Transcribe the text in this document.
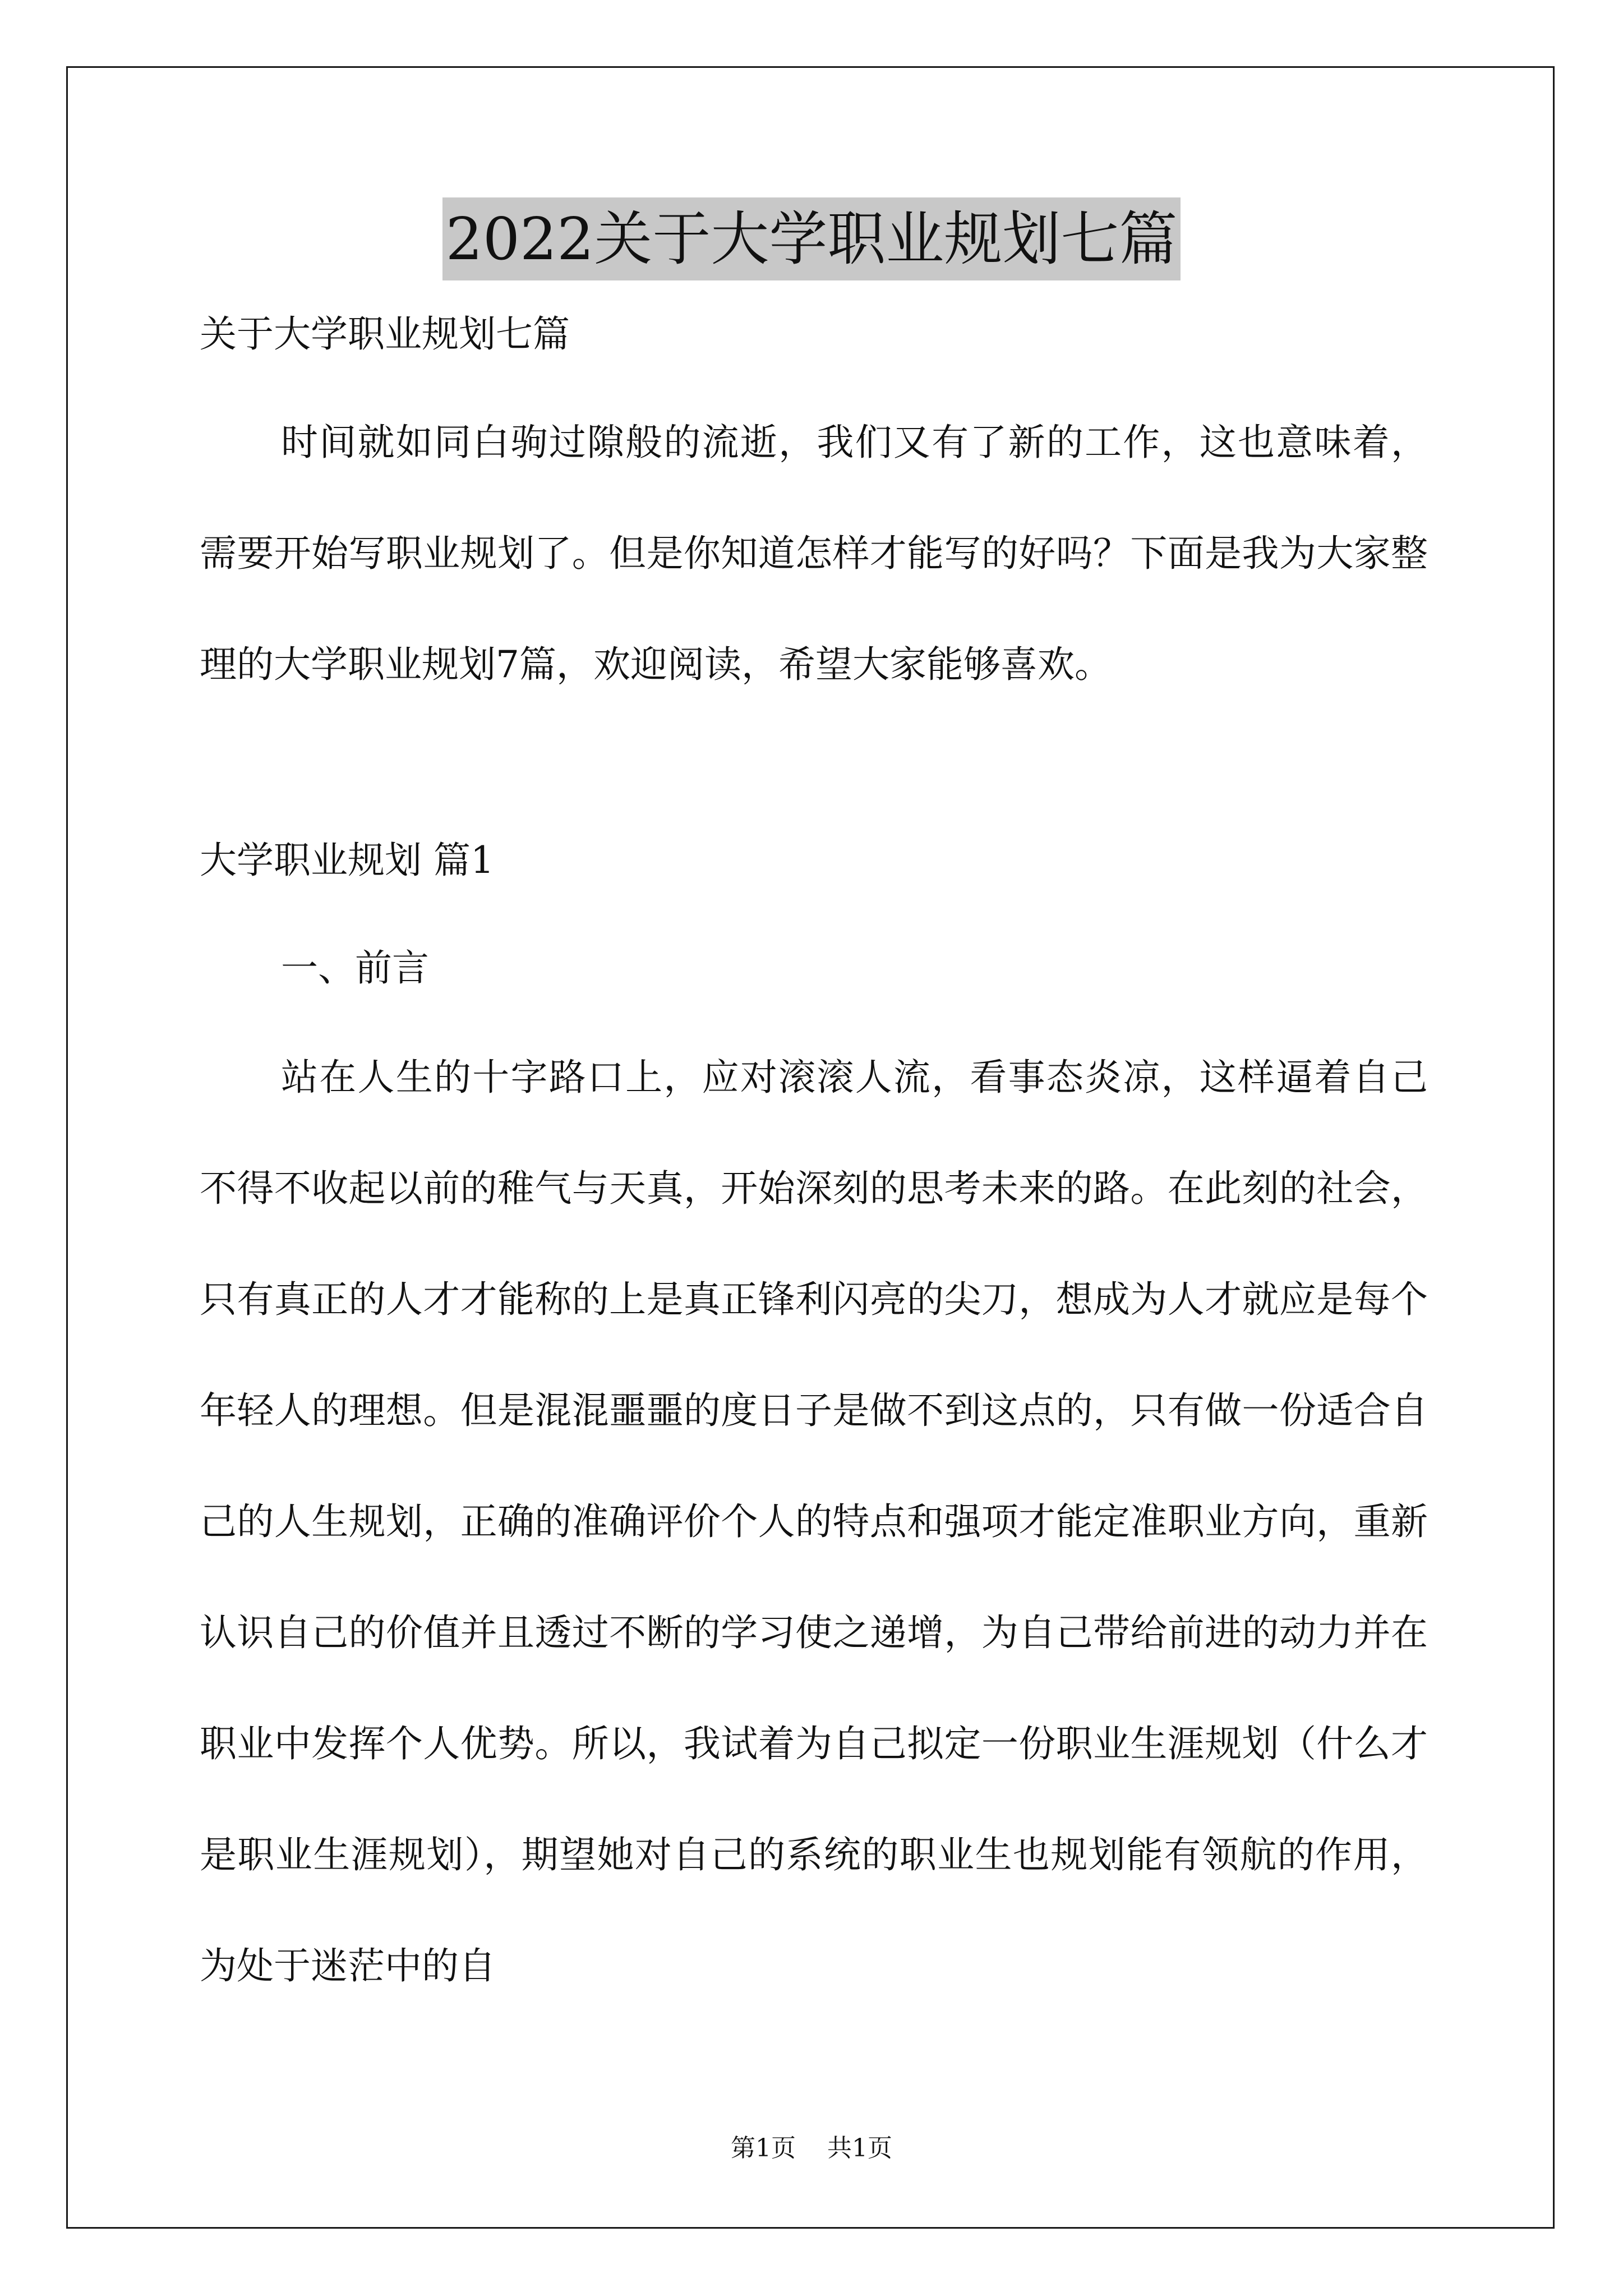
2022关于大学职业规划七篇

关于大学职业规划七篇

时间就如同白驹过隙般的流逝，我们又有了新的工作，这也意味着，需要开始写职业规划了。但是你知道怎样才能写的好吗？下面是我为大家整理的大学职业规划7篇，欢迎阅读，希望大家能够喜欢。

大学职业规划 篇1

一、前言

站在人生的十字路口上，应对滚滚人流，看事态炎凉，这样逼着自己不得不收起以前的稚气与天真，开始深刻的思考未来的路。在此刻的社会，只有真正的人才才能称的上是真正锋利闪亮的尖刀，想成为人才就应是每个年轻人的理想。但是混混噩噩的度日子是做不到这点的，只有做一份适合自己的人生规划，正确的准确评价个人的特点和强项才能定准职业方向，重新认识自己的价值并且透过不断的学习使之递增，为自己带给前进的动力并在职业中发挥个人优势。所以，我试着为自己拟定一份职业生涯规划（什么才是职业生涯规划），期望她对自己的系统的职业生也规划能有领航的作用，为处于迷茫中的自

第1页 共1页
